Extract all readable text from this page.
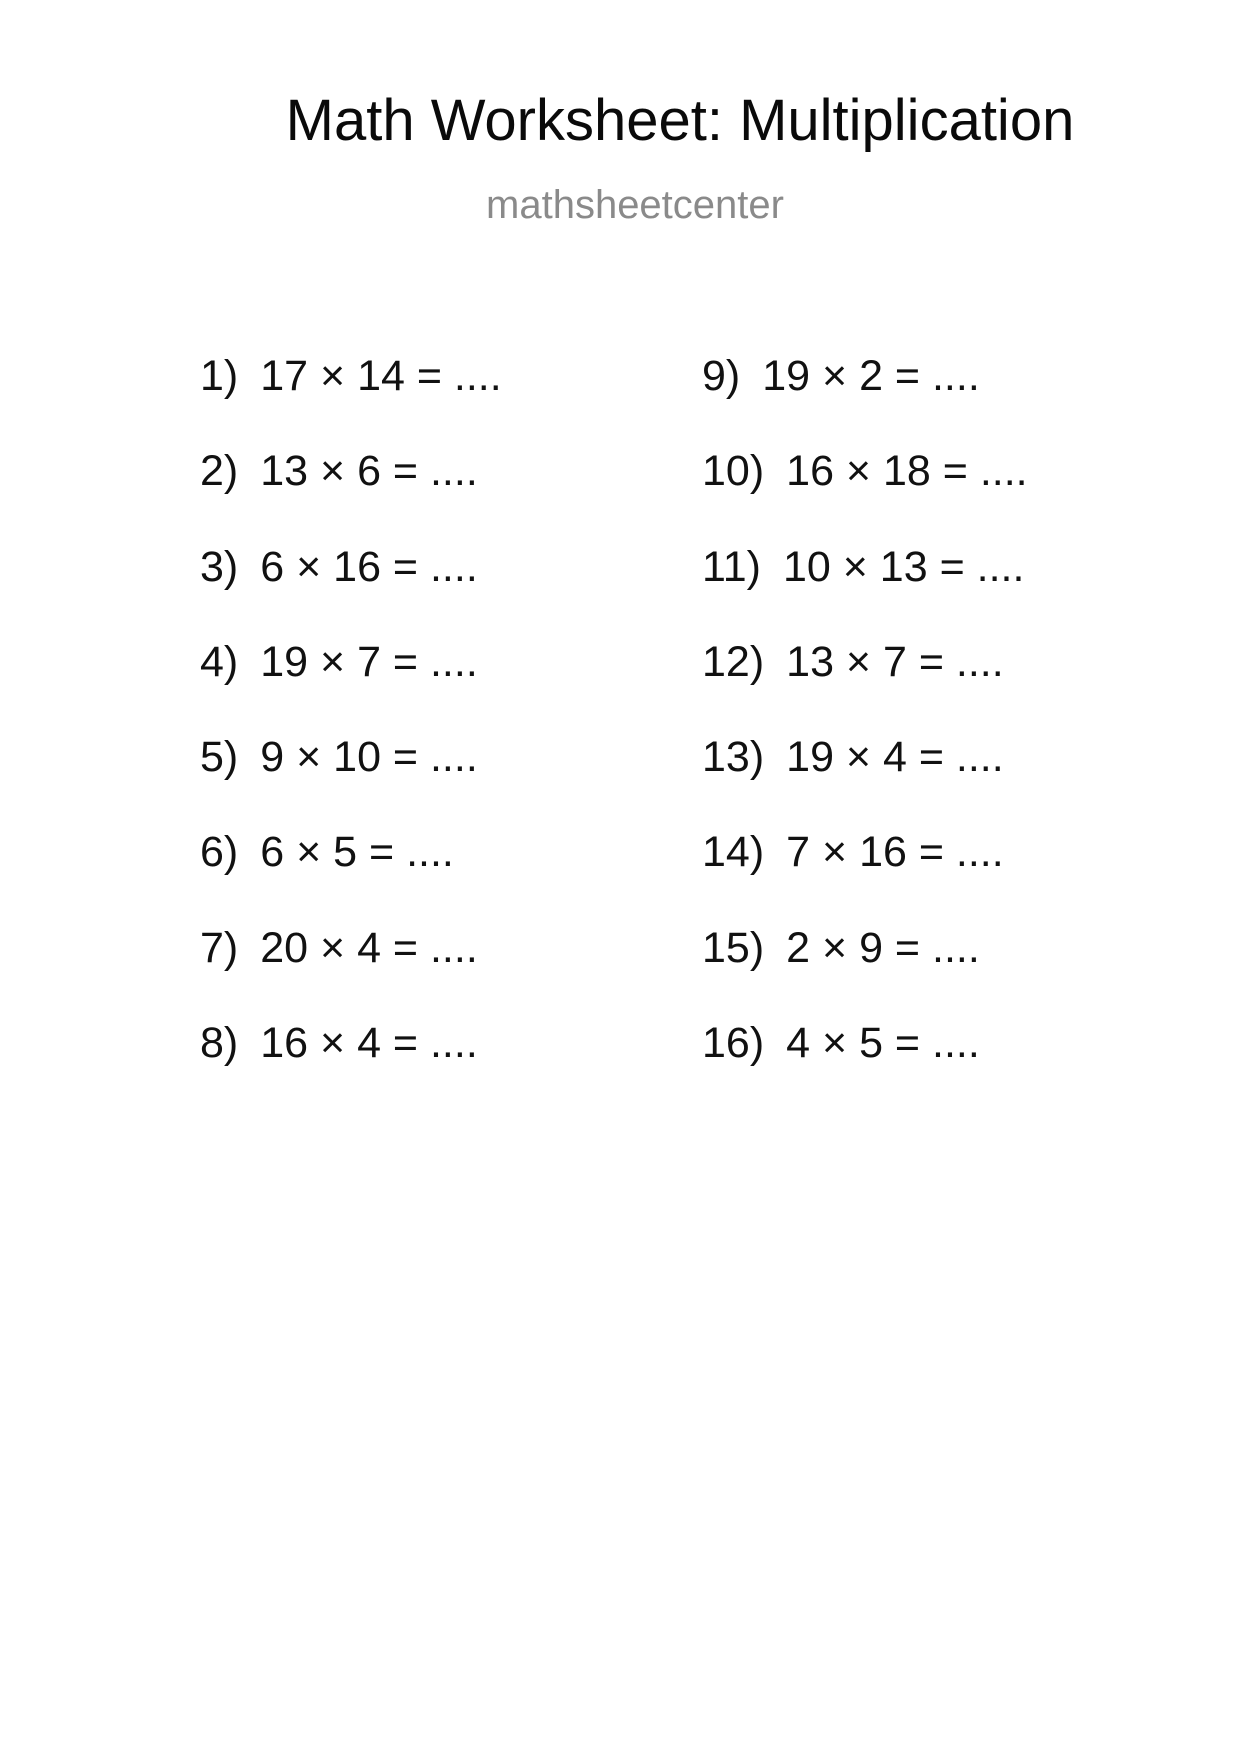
Math Worksheet: Multiplication
mathsheetcenter
1) 17 × 14 = ....
2) 13 × 6 = ....
3) 6 × 16 = ....
4) 19 × 7 = ....
5) 9 × 10 = ....
6) 6 × 5 = ....
7) 20 × 4 = ....
8) 16 × 4 = ....
9) 19 × 2 = ....
10) 16 × 18 = ....
11) 10 × 13 = ....
12) 13 × 7 = ....
13) 19 × 4 = ....
14) 7 × 16 = ....
15) 2 × 9 = ....
16) 4 × 5 = ....
